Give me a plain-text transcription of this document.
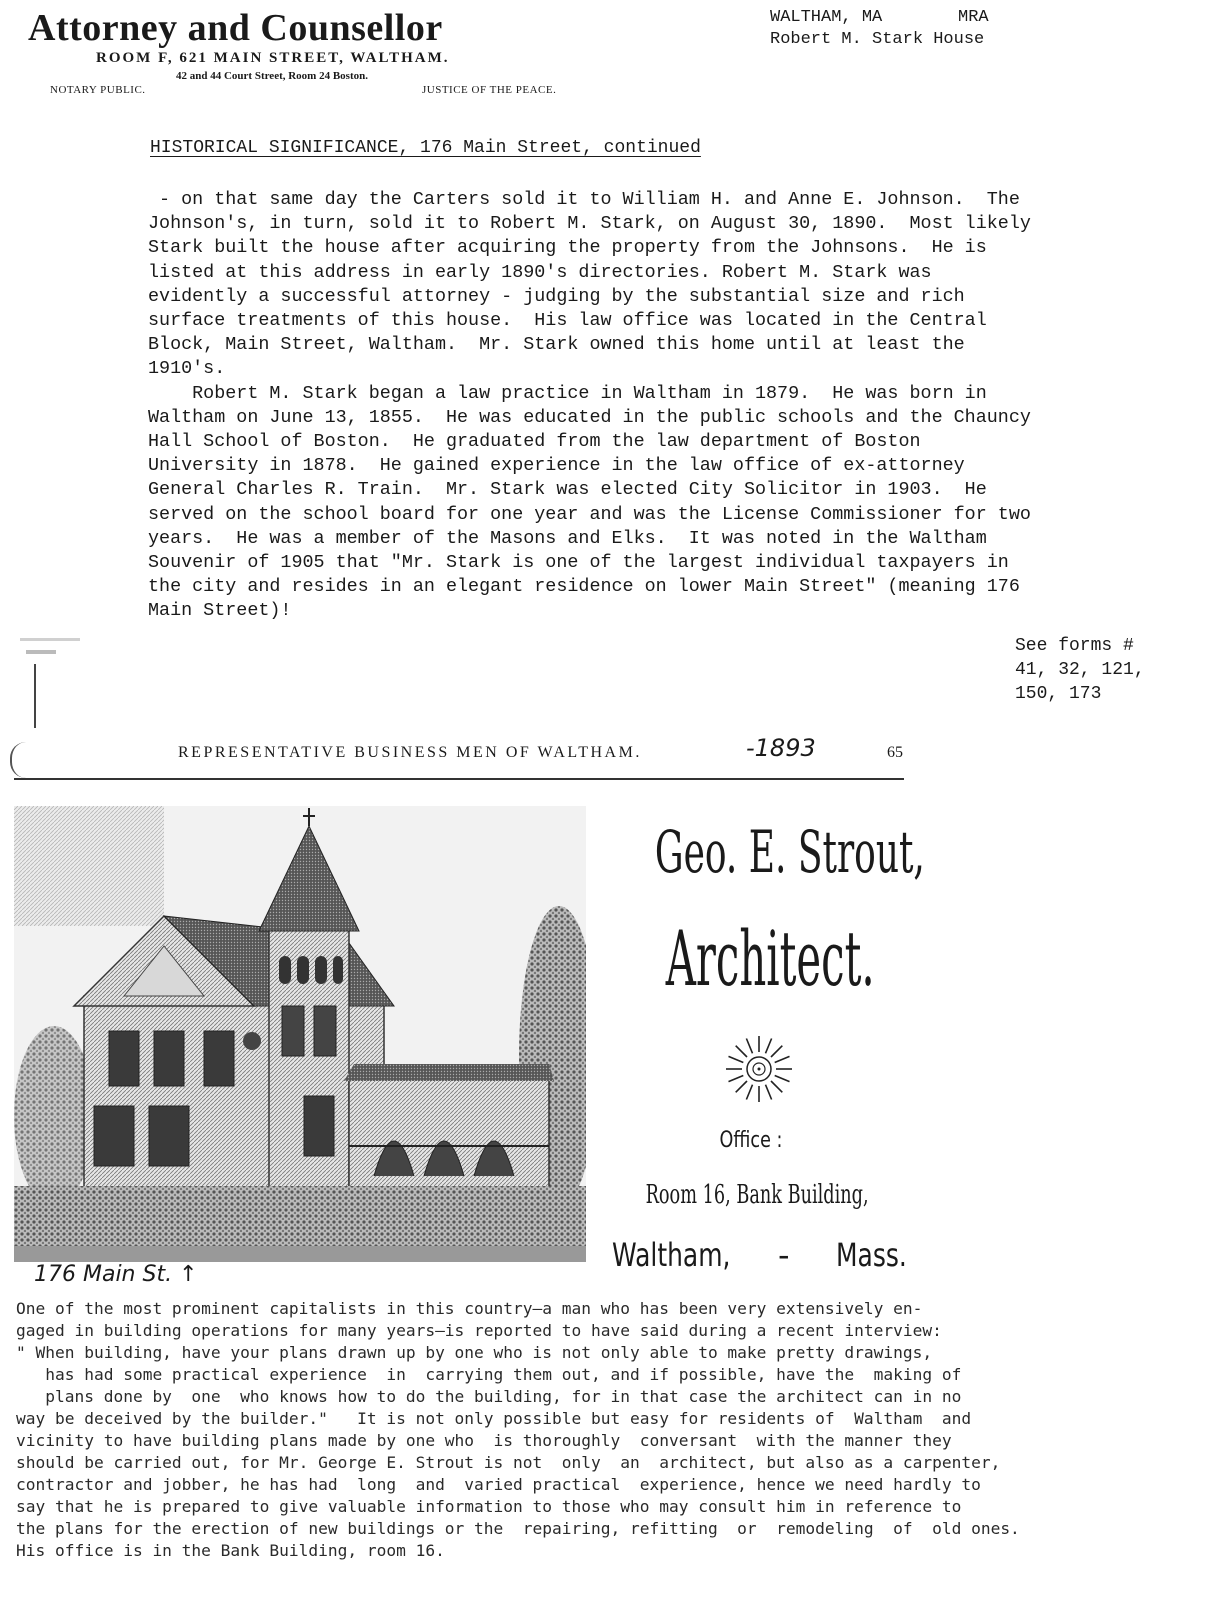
Attorney and Counsellor
ROOM F, 621 MAIN STREET, WALTHAM.
42 and 44 Court Street, Room 24 Boston.
NOTARY PUBLIC.	JUSTICE OF THE PEACE.
WALTHAM, MA	MRA
Robert M. Stark House
HISTORICAL SIGNIFICANCE, 176 Main Street, continued
- on that same day the Carters sold it to William H. and Anne E. Johnson.  The
Johnson's, in turn, sold it to Robert M. Stark, on August 30, 1890.  Most likely
Stark built the house after acquiring the property from the Johnsons.  He is
listed at this address in early 1890's directories. Robert M. Stark was
evidently a successful attorney - judging by the substantial size and rich
surface treatments of this house.  His law office was located in the Central
Block, Main Street, Waltham.  Mr. Stark owned this home until at least the
1910's.
Robert M. Stark began a law practice in Waltham in 1879.  He was born in
Waltham on June 13, 1855.  He was educated in the public schools and the Chauncy
Hall School of Boston.  He graduated from the law department of Boston
University in 1878.  He gained experience in the law office of ex-attorney
General Charles R. Train.  Mr. Stark was elected City Solicitor in 1903.  He
served on the school board for one year and was the License Commissioner for two
years.  He was a member of the Masons and Elks.  It was noted in the Waltham
Souvenir of 1905 that "Mr. Stark is one of the largest individual taxpayers in
the city and resides in an elegant residence on lower Main Street" (meaning 176
Main Street)!
See forms #
41, 32, 121,
150, 173
REPRESENTATIVE BUSINESS MEN OF WALTHAM.	-1893	65
176 Main St. ↑
Geo. E. Strout,
Architect.
Office :
Room 16, Bank Building,
Waltham, - Mass.
One of the most prominent capitalists in this country—a man who has been very extensively en-
gaged in building operations for many years—is reported to have said during a recent interview:
" When building, have your plans drawn up by one who is not only able to make pretty drawings,
has had some practical experience  in  carrying them out, and if possible, have the  making of
plans done by  one  who knows how to do the building, for in that case the architect can in no
way be deceived by the builder."   It is not only possible but easy for residents of  Waltham  and
vicinity to have building plans made by one who  is thoroughly  conversant  with the manner they
should be carried out, for Mr. George E. Strout is not  only  an  architect, but also as a carpenter,
contractor and jobber, he has had  long  and  varied practical  experience, hence we need hardly to
say that he is prepared to give valuable information to those who may consult him in reference to
the plans for the erection of new buildings or the  repairing, refitting  or  remodeling  of  old ones.
His office is in the Bank Building, room 16.
